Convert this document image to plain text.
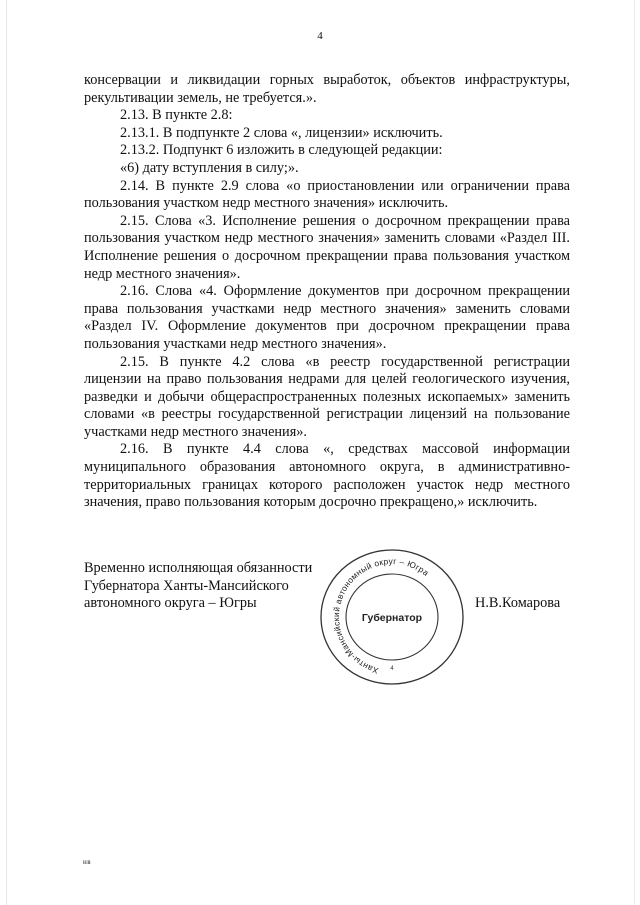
4

консервации и ликвидации горных выработок, объектов инфраструктуры, рекультивации земель, не требуется.».

2.13. В пункте 2.8:

2.13.1. В подпункте 2 слова «, лицензии» исключить.

2.13.2. Подпункт 6 изложить в следующей редакции:

«6) дату вступления в силу;».

2.14. В пункте 2.9 слова «о приостановлении или ограничении права пользования участком недр местного значения» исключить.

2.15. Слова «3. Исполнение решения о досрочном прекращении права пользования участком недр местного значения» заменить словами «Раздел III. Исполнение решения о досрочном прекращении права пользования участком недр местного значения».

2.16. Слова «4. Оформление документов при досрочном прекращении права пользования участками недр местного значения» заменить словами «Раздел IV. Оформление документов при досрочном прекращении права пользования участками недр местного значения».

2.15. В пункте 4.2 слова «в реестр государственной регистрации лицензии на право пользования недрами для целей геологического изучения, разведки и добычи общераспространенных полезных ископаемых» заменить словами «в реестры государственной регистрации лицензий на пользование участками недр местного значения».

2.16. В пункте 4.4 слова «, средствах массовой информации муниципального образования автономного округа, в административно-территориальных границах которого расположен участок недр местного значения, право пользования которым досрочно прекращено,» исключить.

Временно исполняющая обязанности
Губернатора Ханты-Мансийского
автономного округа – Югры
Ханты-Мансийский автономный округ – Югра
Губернатор
4
Н.В.Комарова
нв
